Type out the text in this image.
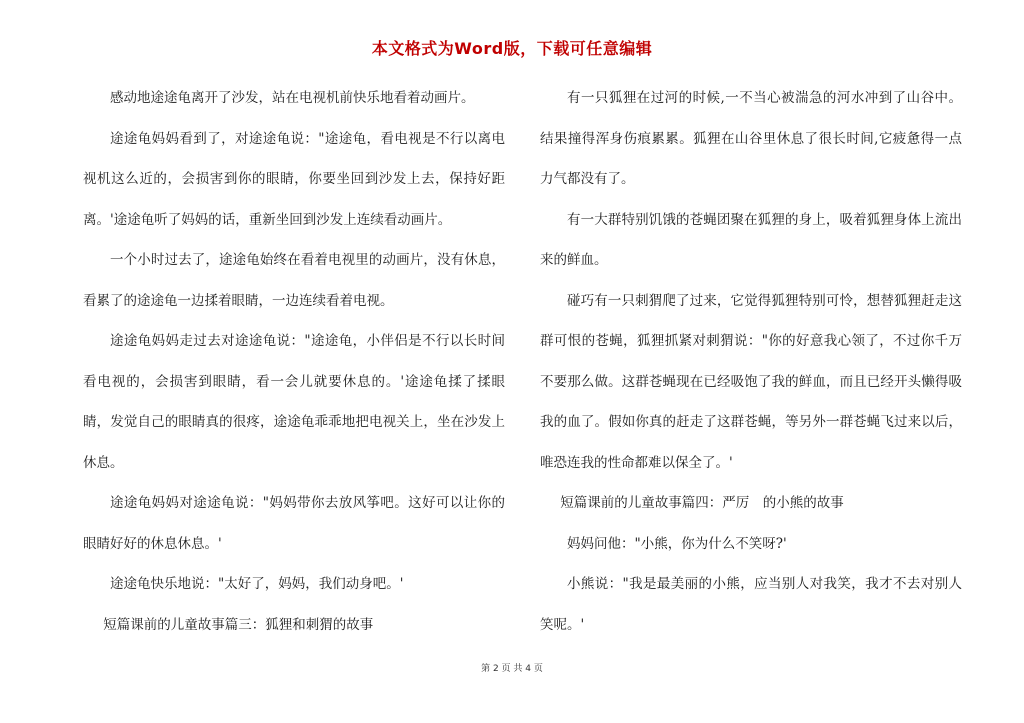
本文格式为Word版，下载可任意编辑

感动地途途龟离开了沙发，站在电视机前快乐地看着动画片。

途途龟妈妈看到了，对途途龟说："途途龟，看电视是不行以离电视机这么近的，会损害到你的眼睛，你要坐回到沙发上去，保持好距离。'途途龟听了妈妈的话，重新坐回到沙发上连续看动画片。

一个小时过去了，途途龟始终在看着电视里的动画片，没有休息，看累了的途途龟一边揉着眼睛，一边连续看着电视。

途途龟妈妈走过去对途途龟说："途途龟，小伴侣是不行以长时间看电视的，会损害到眼睛，看一会儿就要休息的。'途途龟揉了揉眼睛，发觉自己的眼睛真的很疼，途途龟乖乖地把电视关上，坐在沙发上休息。

途途龟妈妈对途途龟说："妈妈带你去放风筝吧。这好可以让你的眼睛好好的休息休息。'

途途龟快乐地说："太好了，妈妈，我们动身吧。'

短篇课前的儿童故事篇三：狐狸和刺猬的故事

有一只狐狸在过河的时候,一不当心被湍急的河水冲到了山谷中。结果撞得浑身伤痕累累。狐狸在山谷里休息了很长时间,它疲惫得一点力气都没有了。

有一大群特别饥饿的苍蝇团聚在狐狸的身上，吸着狐狸身体上流出来的鲜血。

碰巧有一只刺猬爬了过来，它觉得狐狸特别可怜，想替狐狸赶走这群可恨的苍蝇，狐狸抓紧对刺猬说："你的好意我心领了，不过你千万不要那么做。这群苍蝇现在已经吸饱了我的鲜血，而且已经开头懒得吸我的血了。假如你真的赶走了这群苍蝇，等另外一群苍蝇飞过来以后，唯恐连我的性命都难以保全了。'

短篇课前的儿童故事篇四：严厉　的小熊的故事

妈妈问他："小熊，你为什么不笑呀?'

小熊说："我是最美丽的小熊，应当别人对我笑，我才不去对别人笑呢。'

第 2 页 共 4 页
